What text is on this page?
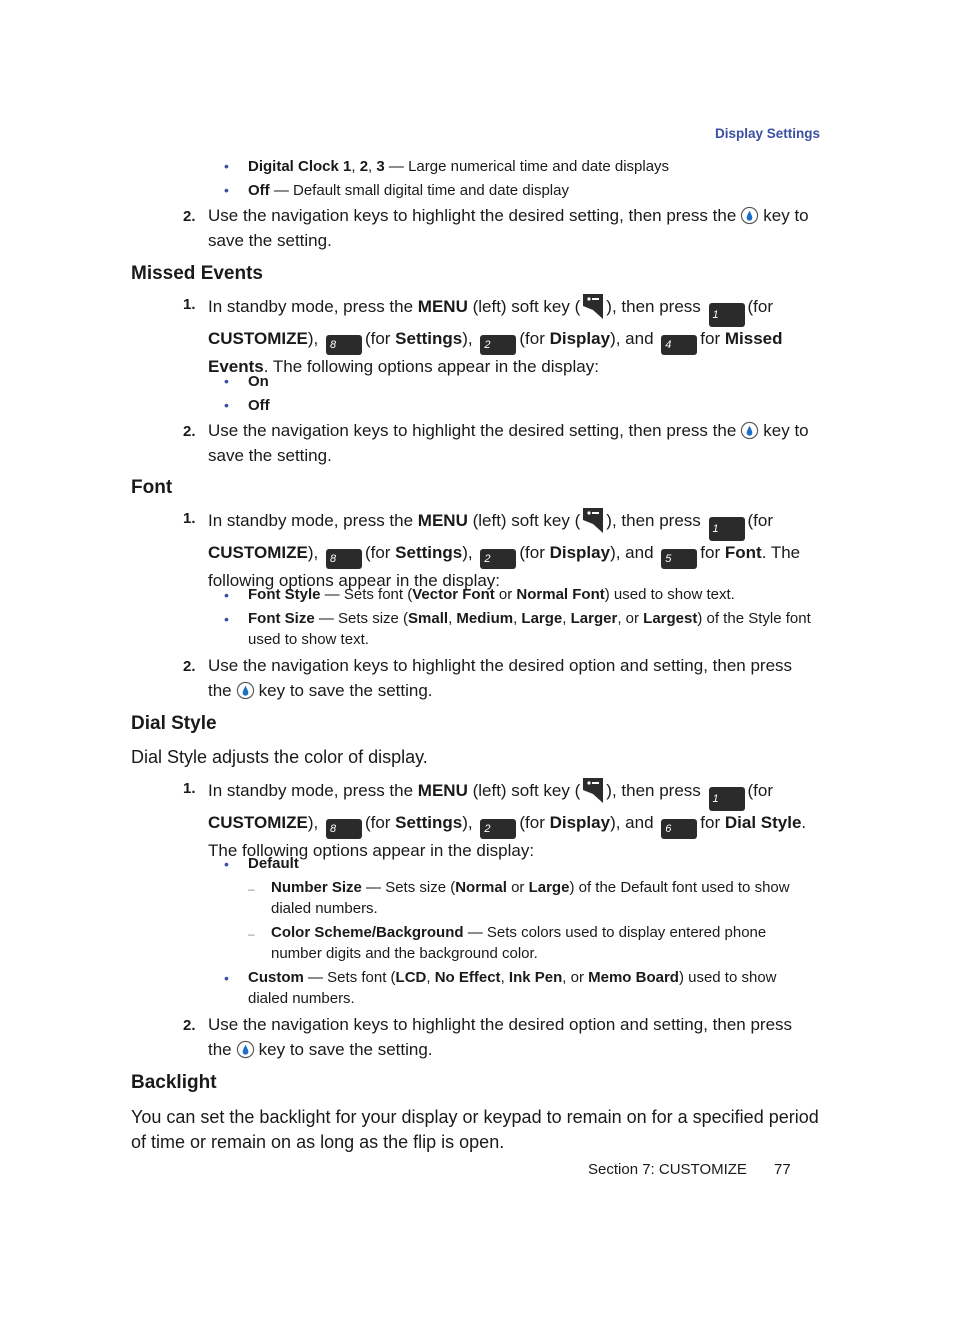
Display Settings
• Digital Clock 1, 2, 3 — Large numerical time and date displays
• Off — Default small digital time and date display
2. Use the navigation keys to highlight the desired setting, then press the key to save the setting.
Missed Events
1. In standby mode, press the MENU (left) soft key ( ), then press 1 (for CUSTOMIZE), 8 (for Settings), 2 (for Display), and 4 for Missed Events. The following options appear in the display:
• On
• Off
2. Use the navigation keys to highlight the desired setting, then press the key to save the setting.
Font
1. In standby mode, press the MENU (left) soft key ( ), then press 1 (for CUSTOMIZE), 8 (for Settings), 2 (for Display), and 5 for Font. The following options appear in the display:
• Font Style — Sets font (Vector Font or Normal Font) used to show text.
• Font Size — Sets size (Small, Medium, Large, Larger, or Largest) of the Style font used to show text.
2. Use the navigation keys to highlight the desired option and setting, then press the key to save the setting.
Dial Style
Dial Style adjusts the color of display.
1. In standby mode, press the MENU (left) soft key ( ), then press 1 (for CUSTOMIZE), 8 (for Settings), 2 (for Display), and 6 for Dial Style. The following options appear in the display:
• Default
– Number Size — Sets size (Normal or Large) of the Default font used to show dialed numbers.
– Color Scheme/Background — Sets colors used to display entered phone number digits and the background color.
• Custom — Sets font (LCD, No Effect, Ink Pen, or Memo Board) used to show dialed numbers.
2. Use the navigation keys to highlight the desired option and setting, then press the key to save the setting.
Backlight
You can set the backlight for your display or keypad to remain on for a specified period of time or remain on as long as the flip is open.
Section 7: CUSTOMIZE 77
